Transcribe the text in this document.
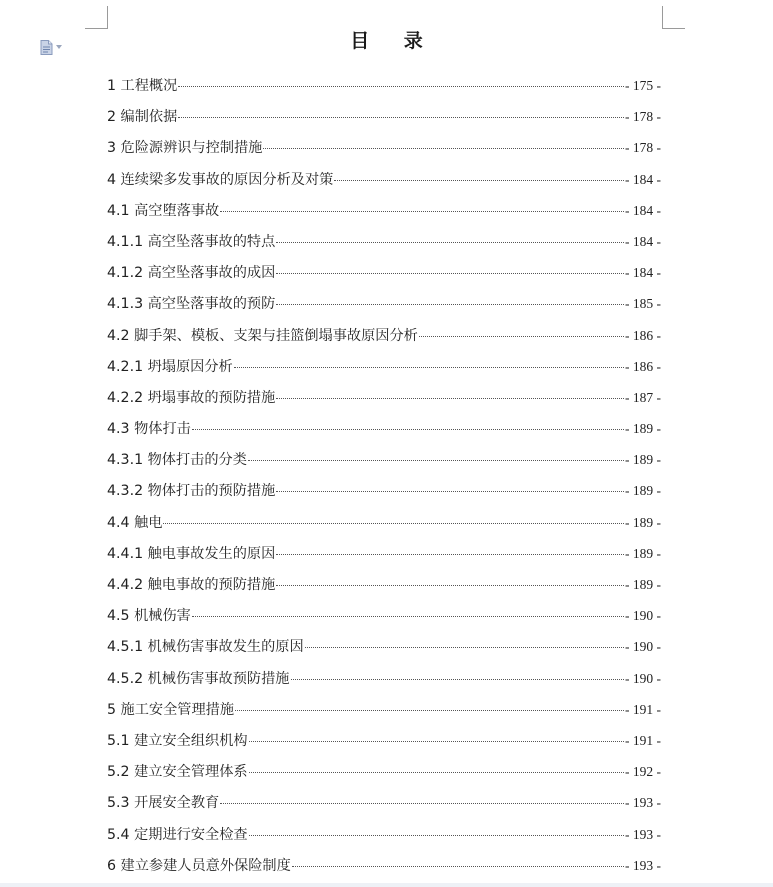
目 录
1 工程概况	- 175 -
2 编制依据	- 178 -
3 危险源辨识与控制措施	- 178 -
4 连续梁多发事故的原因分析及对策	- 184 -
4.1 高空堕落事故	- 184 -
4.1.1 高空坠落事故的特点	- 184 -
4.1.2 高空坠落事故的成因	- 184 -
4.1.3 高空坠落事故的预防	- 185 -
4.2 脚手架、模板、支架与挂篮倒塌事故原因分析	- 186 -
4.2.1 坍塌原因分析	- 186 -
4.2.2 坍塌事故的预防措施	- 187 -
4.3 物体打击	- 189 -
4.3.1 物体打击的分类	- 189 -
4.3.2 物体打击的预防措施	- 189 -
4.4 触电	- 189 -
4.4.1 触电事故发生的原因	- 189 -
4.4.2 触电事故的预防措施	- 189 -
4.5 机械伤害	- 190 -
4.5.1 机械伤害事故发生的原因	- 190 -
4.5.2 机械伤害事故预防措施	- 190 -
5 施工安全管理措施	- 191 -
5.1 建立安全组织机构	- 191 -
5.2 建立安全管理体系	- 192 -
5.3 开展安全教育	- 193 -
5.4 定期进行安全检查	- 193 -
6 建立参建人员意外保险制度	- 193 -
